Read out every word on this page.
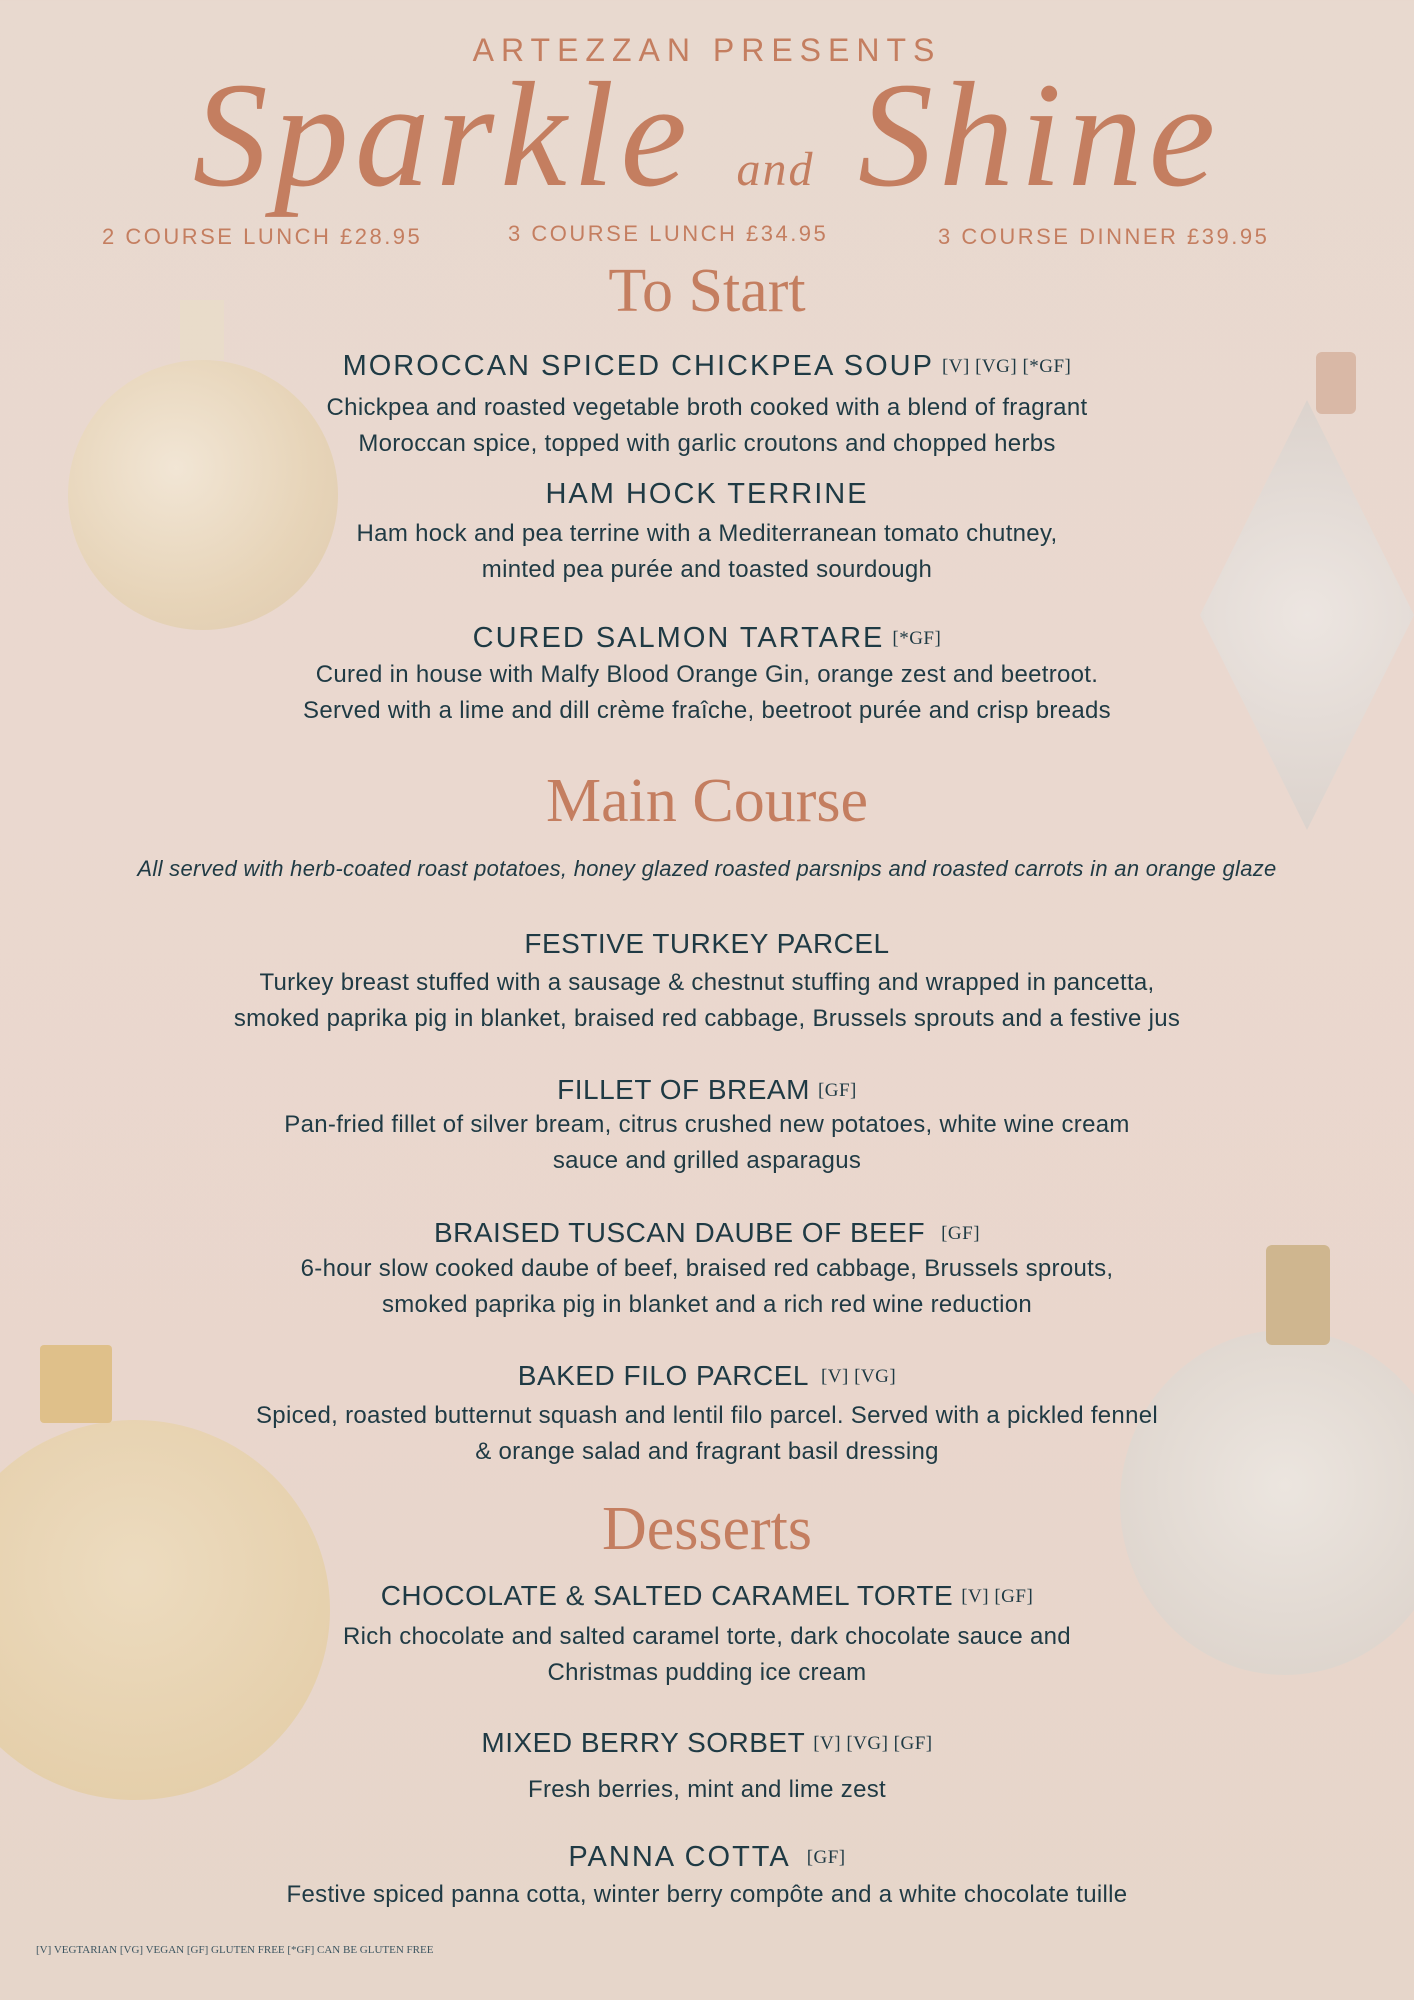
ARTEZZAN PRESENTS
Sparkle and Shine
2 COURSE LUNCH £28.95	3 COURSE LUNCH £34.95	3 COURSE DINNER £39.95
To Start
MOROCCAN SPICED CHICKPEA SOUP [V] [VG] [*GF]
Chickpea and roasted vegetable broth cooked with a blend of fragrant
Moroccan spice, topped with garlic croutons and chopped herbs
HAM HOCK TERRINE
Ham hock and pea terrine with a Mediterranean tomato chutney,
minted pea purée and toasted sourdough
CURED SALMON TARTARE [*GF]
Cured in house with Malfy Blood Orange Gin, orange zest and beetroot.
Served with a lime and dill crème fraîche, beetroot purée and crisp breads
Main Course
All served with herb-coated roast potatoes, honey glazed roasted parsnips and roasted carrots in an orange glaze
FESTIVE TURKEY PARCEL
Turkey breast stuffed with a sausage & chestnut stuffing and wrapped in pancetta,
smoked paprika pig in blanket, braised red cabbage, Brussels sprouts and a festive jus
FILLET OF BREAM [GF]
Pan-fried fillet of silver bream, citrus crushed new potatoes, white wine cream
sauce and grilled asparagus
BRAISED TUSCAN DAUBE OF BEEF [GF]
6-hour slow cooked daube of beef, braised red cabbage, Brussels sprouts,
smoked paprika pig in blanket and a rich red wine reduction
BAKED FILO PARCEL [V] [VG]
Spiced, roasted butternut squash and lentil filo parcel. Served with a pickled fennel
& orange salad and fragrant basil dressing
Desserts
CHOCOLATE & SALTED CARAMEL TORTE [V] [GF]
Rich chocolate and salted caramel torte, dark chocolate sauce and
Christmas pudding ice cream
MIXED BERRY SORBET [V] [VG] [GF]
Fresh berries, mint and lime zest
PANNA COTTA [GF]
Festive spiced panna cotta, winter berry compôte and a white chocolate tuille
[V] VEGTARIAN [VG] VEGAN [GF] GLUTEN FREE [*GF] CAN BE GLUTEN FREE
